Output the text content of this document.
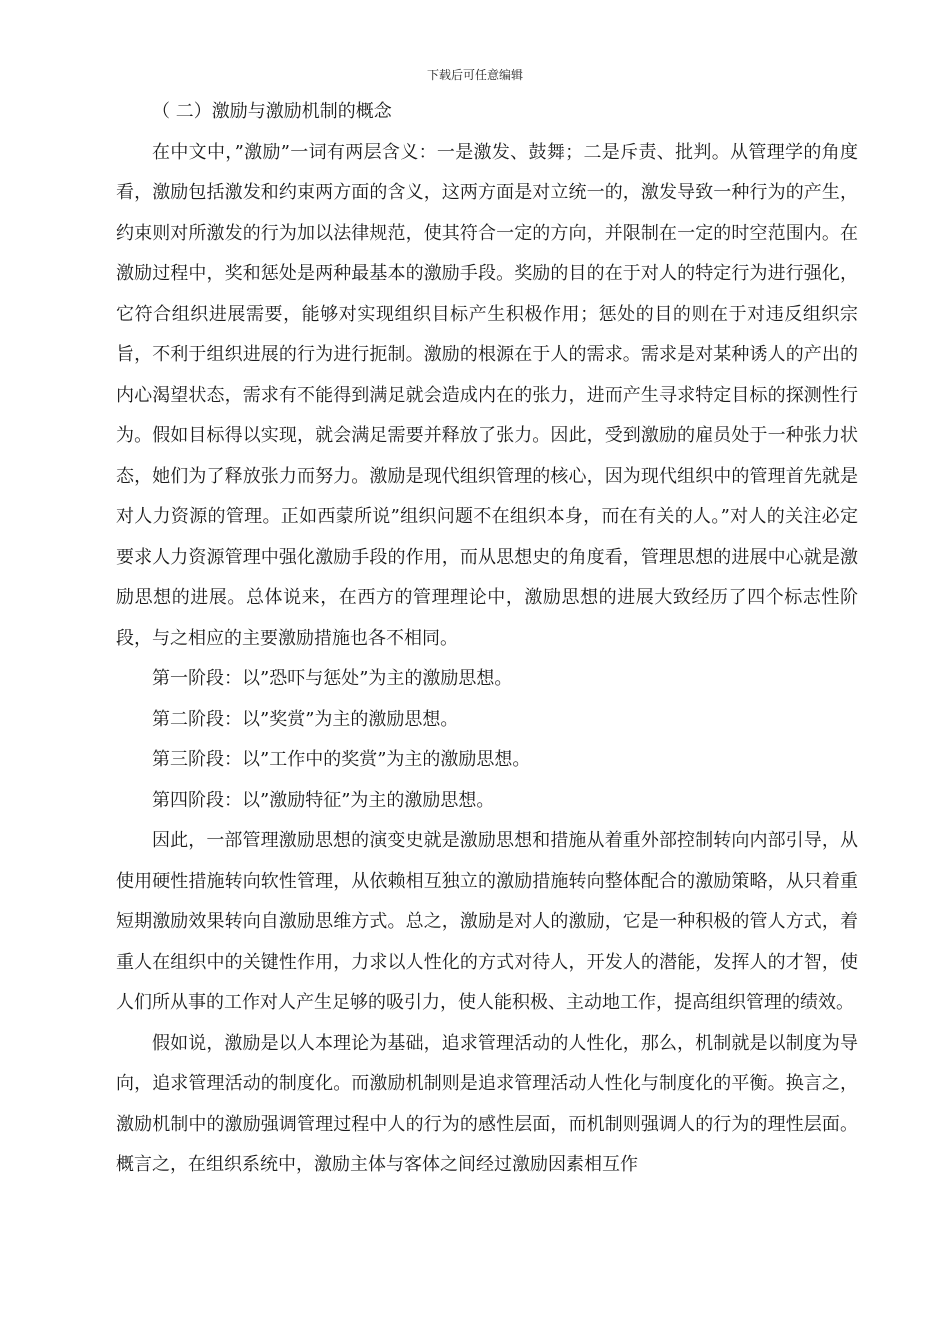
下载后可任意编辑

（ 二）激励与激励机制的概念

在中文中，”激励”一词有两层含义：一是激发、鼓舞；二是斥责、批判。从管理学的角度看，激励包括激发和约束两方面的含义，这两方面是对立统一的，激发导致一种行为的产生，约束则对所激发的行为加以法律规范，使其符合一定的方向，并限制在一定的时空范围内。在激励过程中，奖和惩处是两种最基本的激励手段。奖励的目的在于对人的特定行为进行强化，它符合组织进展需要，能够对实现组织目标产生积极作用；惩处的目的则在于对违反组织宗旨，不利于组织进展的行为进行扼制。激励的根源在于人的需求。需求是对某种诱人的产出的内心渴望状态，需求有不能得到满足就会造成内在的张力，进而产生寻求特定目标的探测性行为。假如目标得以实现，就会满足需要并释放了张力。因此，受到激励的雇员处于一种张力状态，她们为了释放张力而努力。激励是现代组织管理的核心，因为现代组织中的管理首先就是对人力资源的管理。正如西蒙所说”组织问题不在组织本身，而在有关的人。”对人的关注必定要求人力资源管理中强化激励手段的作用，而从思想史的角度看，管理思想的进展中心就是激励思想的进展。总体说来，在西方的管理理论中，激励思想的进展大致经历了四个标志性阶段，与之相应的主要激励措施也各不相同。

第一阶段：以”恐吓与惩处”为主的激励思想。

第二阶段：以”奖赏”为主的激励思想。

第三阶段：以”工作中的奖赏”为主的激励思想。

第四阶段：以”激励特征”为主的激励思想。

因此，一部管理激励思想的演变史就是激励思想和措施从着重外部控制转向内部引导，从使用硬性措施转向软性管理，从依赖相互独立的激励措施转向整体配合的激励策略，从只着重短期激励效果转向自激励思维方式。总之，激励是对人的激励，它是一种积极的管人方式，着重人在组织中的关键性作用，力求以人性化的方式对待人，开发人的潜能，发挥人的才智，使人们所从事的工作对人产生足够的吸引力，使人能积极、主动地工作，提高组织管理的绩效。

假如说，激励是以人本理论为基础，追求管理活动的人性化，那么，机制就是以制度为导向，追求管理活动的制度化。而激励机制则是追求管理活动人性化与制度化的平衡。换言之，激励机制中的激励强调管理过程中人的行为的感性层面，而机制则强调人的行为的理性层面。概言之，在组织系统中，激励主体与客体之间经过激励因素相互作
